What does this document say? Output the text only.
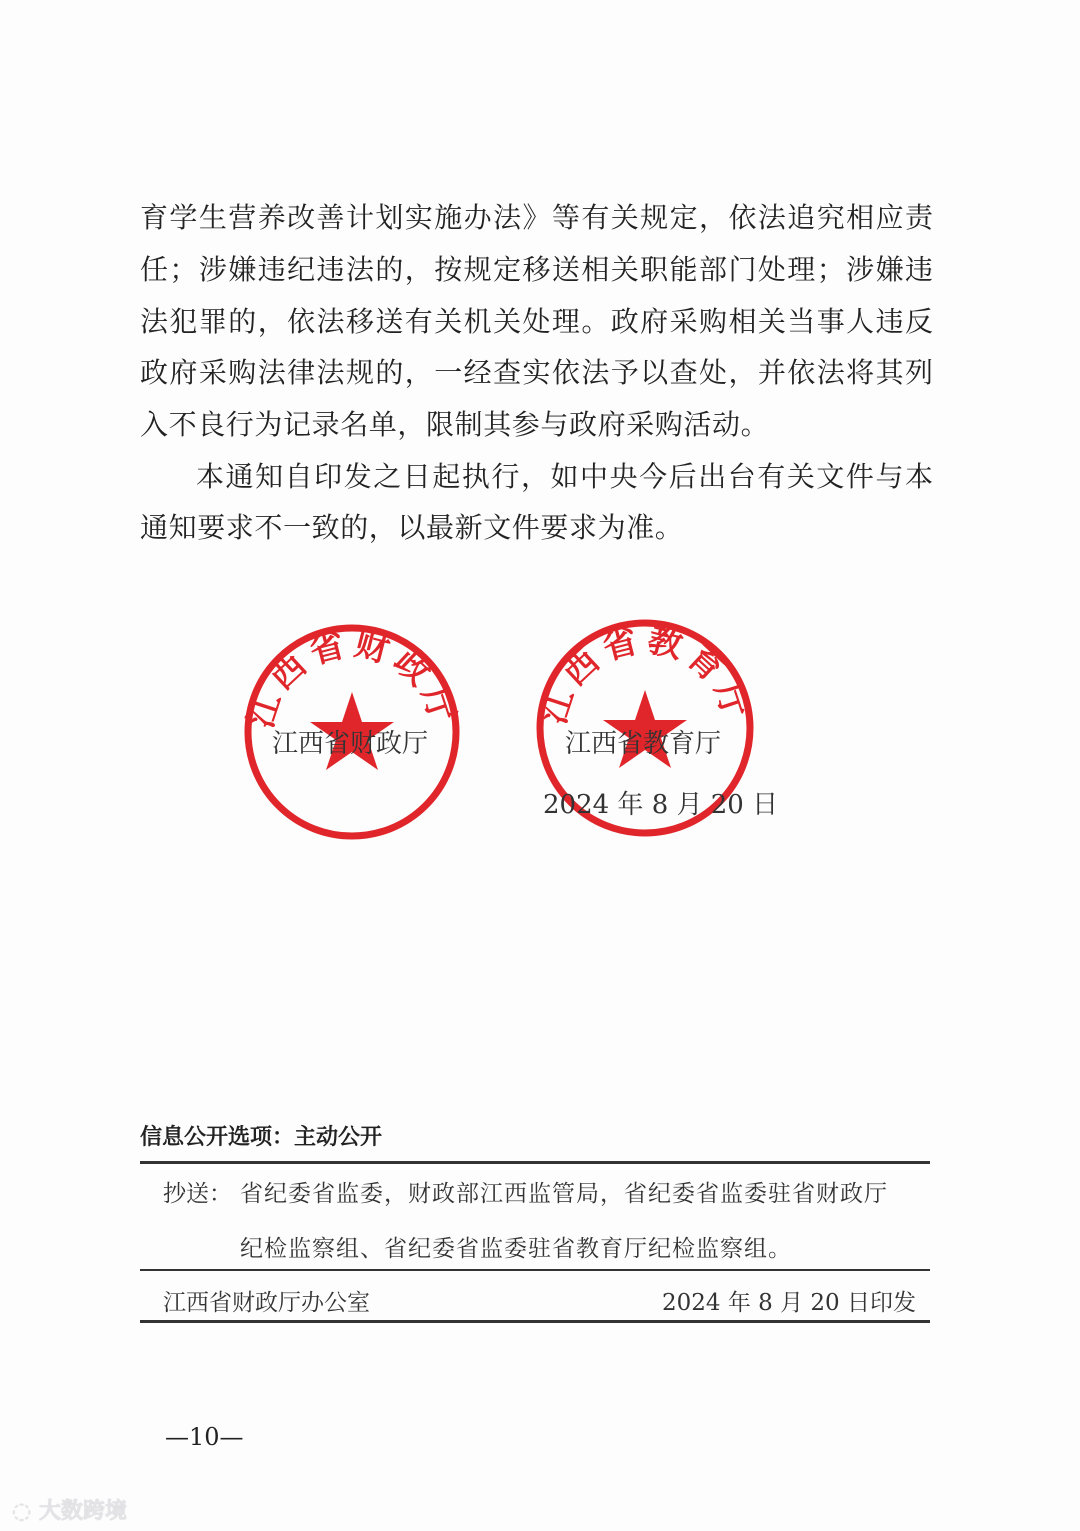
育学生营养改善计划实施办法》等有关规定，依法追究相应责
任；涉嫌违纪违法的，按规定移送相关职能部门处理；涉嫌违
法犯罪的，依法移送有关机关处理。政府采购相关当事人违反
政府采购法律法规的，一经查实依法予以查处，并依法将其列
入不良行为记录名单，限制其参与政府采购活动。
本通知自印发之日起执行，如中央今后出台有关文件与本
通知要求不一致的，以最新文件要求为准。
江西省财政厅 江西省教育厅
江西省财政厅	江西省教育厅
2024 年 8 月 20 日
信息公开选项：主动公开
抄送： 省纪委省监委，财政部江西监管局，省纪委省监委驻省财政厅
纪检监察组、省纪委省监委驻省教育厅纪检监察组。
江西省财政厅办公室	2024 年 8 月 20 日印发
—10—
◌ 大数跨境
